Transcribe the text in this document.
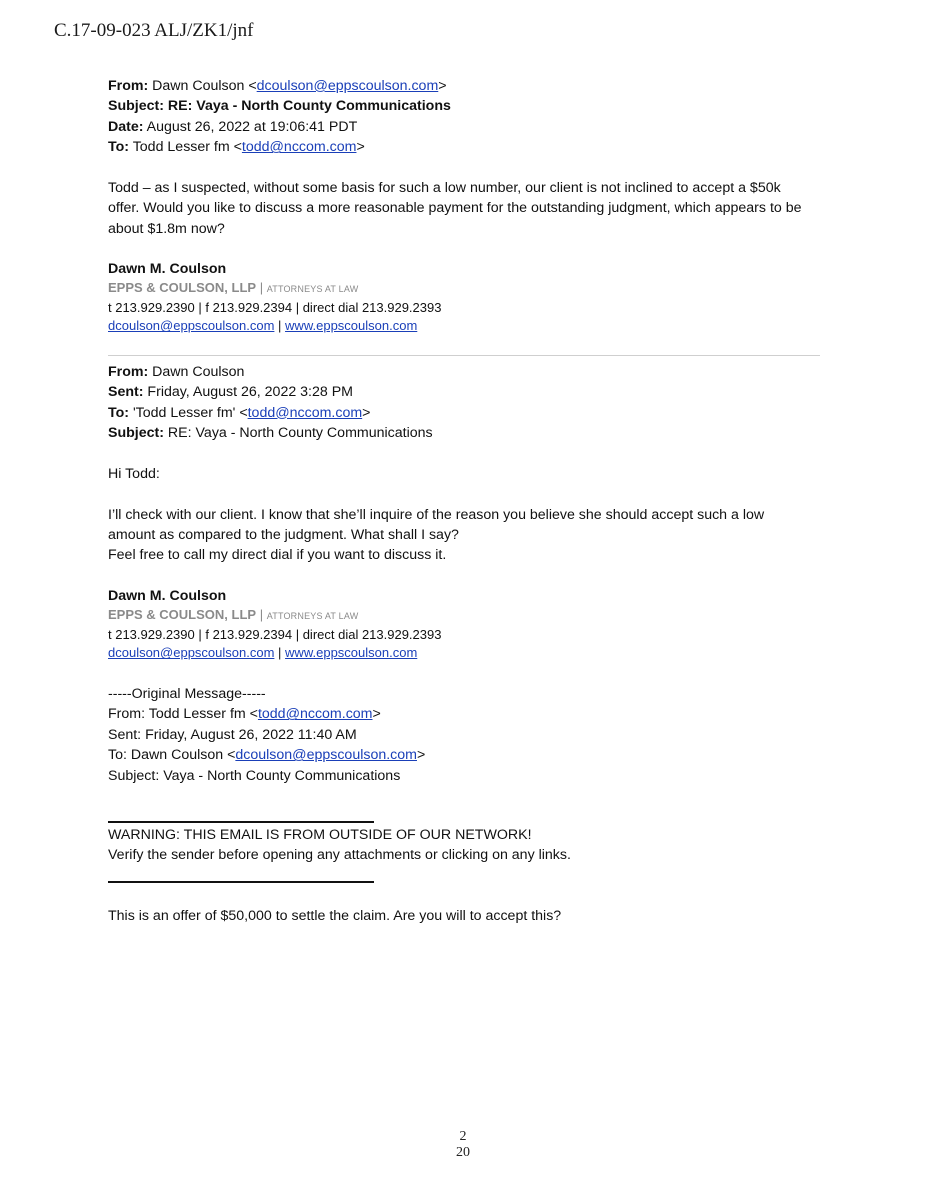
C.17-09-023 ALJ/ZK1/jnf
From: Dawn Coulson <dcoulson@eppscoulson.com>
Subject: RE: Vaya - North County Communications
Date: August 26, 2022 at 19:06:41 PDT
To: Todd Lesser fm <todd@nccom.com>
Todd – as I suspected, without some basis for such a low number, our client is not inclined to accept a $50k offer. Would you like to discuss a more reasonable payment for the outstanding judgment, which appears to be about $1.8m now?
Dawn M. Coulson
EPPS & COULSON, LLP | ATTORNEYS AT LAW
t 213.929.2390 | f 213.929.2394 | direct dial 213.929.2393
dcoulson@eppscoulson.com | www.eppscoulson.com
From: Dawn Coulson
Sent: Friday, August 26, 2022 3:28 PM
To: 'Todd Lesser fm' <todd@nccom.com>
Subject: RE: Vaya - North County Communications
Hi Todd:
I’ll check with our client. I know that she’ll inquire of the reason you believe she should accept such a low amount as compared to the judgment. What shall I say?
Feel free to call my direct dial if you want to discuss it.
Dawn M. Coulson
EPPS & COULSON, LLP | ATTORNEYS AT LAW
t 213.929.2390 | f 213.929.2394 | direct dial 213.929.2393
dcoulson@eppscoulson.com | www.eppscoulson.com
-----Original Message-----
From: Todd Lesser fm <todd@nccom.com>
Sent: Friday, August 26, 2022 11:40 AM
To: Dawn Coulson <dcoulson@eppscoulson.com>
Subject: Vaya - North County Communications
WARNING: THIS EMAIL IS FROM OUTSIDE OF OUR NETWORK!
Verify the sender before opening any attachments or clicking on any links.
This is an offer of $50,000 to settle the claim. Are you will to accept this?
2
20
